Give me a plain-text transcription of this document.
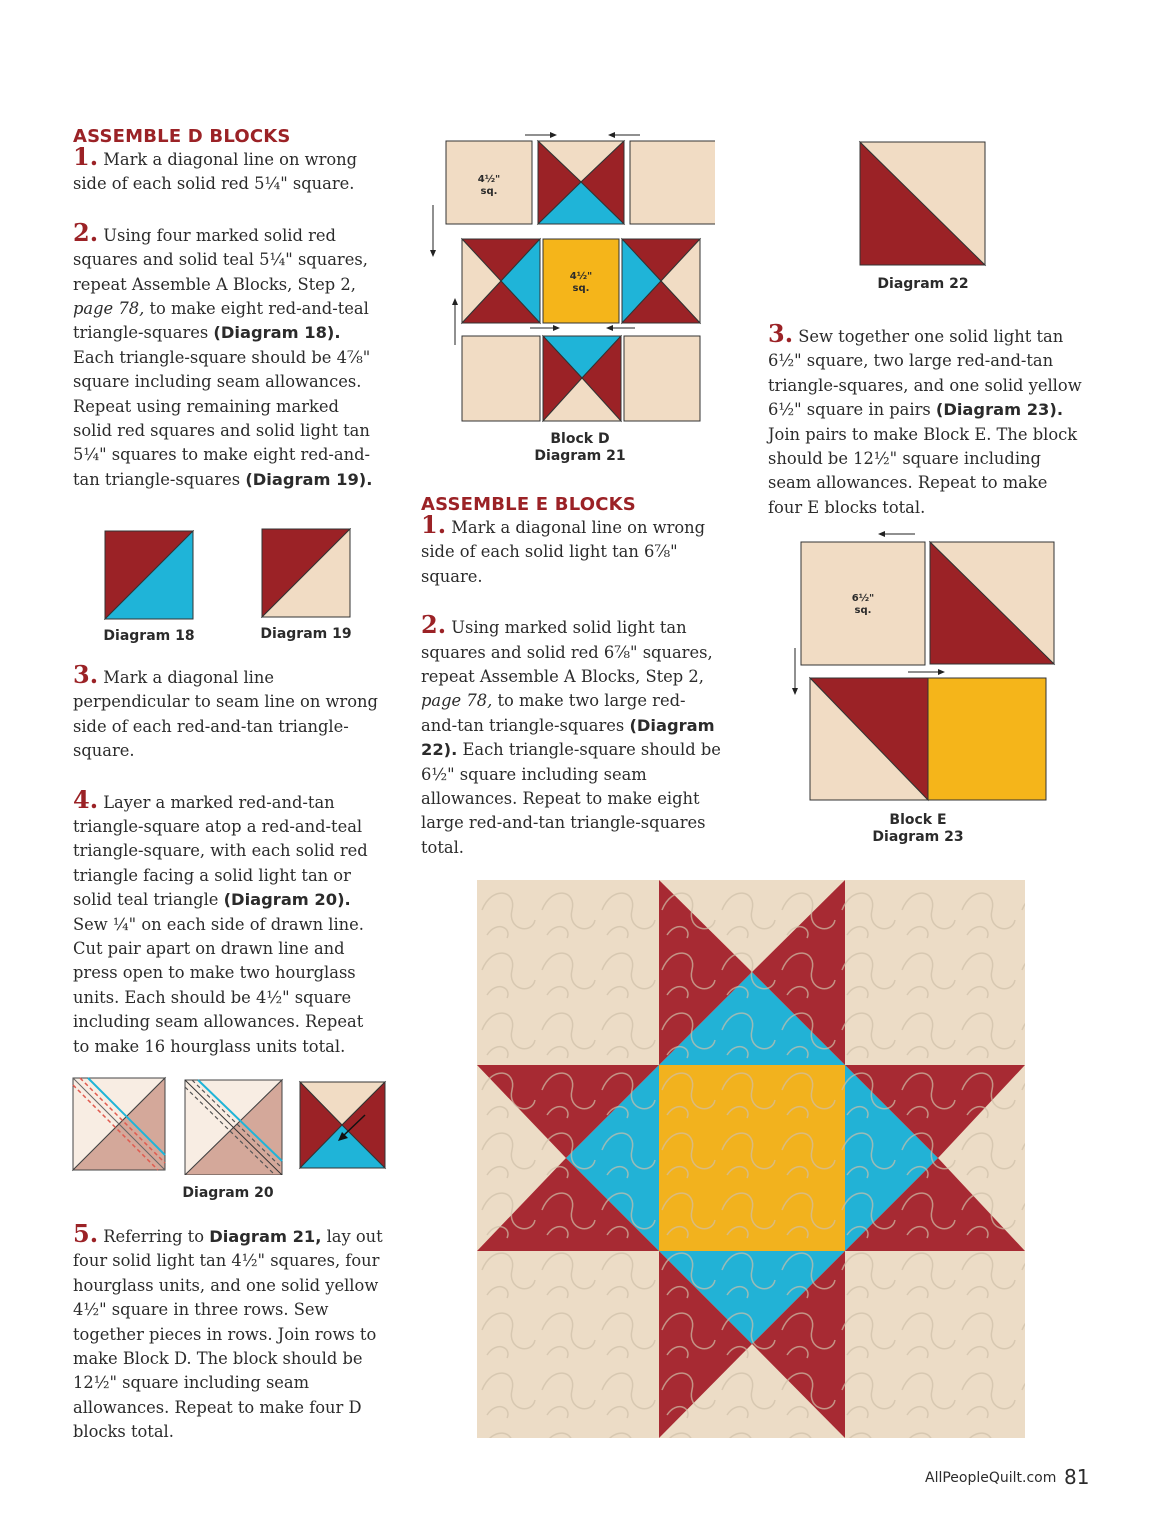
ASSEMBLE D BLOCKS

1. Mark a diagonal line on wrong side of each solid red 5¼" square.

2. Using four marked solid red squares and solid teal 5¼" squares, repeat Assemble A Blocks, Step 2, page 78, to make eight red-and-teal triangle-squares (Diagram 18). Each triangle-square should be 4⅞" square including seam allowances. Repeat using remaining marked solid red squares and solid light tan 5¼" squares to make eight red-and-tan triangle-squares (Diagram 19).

3. Mark a diagonal line perpendicular to seam line on wrong side of each red-and-tan triangle-square.

4. Layer a marked red-and-tan triangle-square atop a red-and-teal triangle-square, with each solid red triangle facing a solid light tan or solid teal triangle (Diagram 20). Sew ¼" on each side of drawn line. Cut pair apart on drawn line and press open to make two hourglass units. Each should be 4½" square including seam allowances. Repeat to make 16 hourglass units total.

5. Referring to Diagram 21, lay out four solid light tan 4½" squares, four hourglass units, and one solid yellow 4½" square in three rows. Sew together pieces in rows. Join rows to make Block D. The block should be 12½" square including seam allowances. Repeat to make four D blocks total.

Diagram 18	Diagram 19
Diagram 20
4½"
sq.
4½"
sq.
Block D
Diagram 21
ASSEMBLE E BLOCKS

1. Mark a diagonal line on wrong side of each solid light tan 6⅞" square.

2. Using marked solid light tan squares and solid red 6⅞" squares, repeat Assemble A Blocks, Step 2, page 78, to make two large red-and-tan triangle-squares (Diagram 22). Each triangle-square should be 6½" square including seam allowances. Repeat to make eight large red-and-tan triangle-squares total.

Diagram 22

3. Sew together one solid light tan 6½" square, two large red-and-tan triangle-squares, and one solid yellow 6½" square in pairs (Diagram 23). Join pairs to make Block E. The block should be 12½" square including seam allowances. Repeat to make four E blocks total.

6½"
sq.
Block E
Diagram 23
AllPeopleQuilt.com 81
